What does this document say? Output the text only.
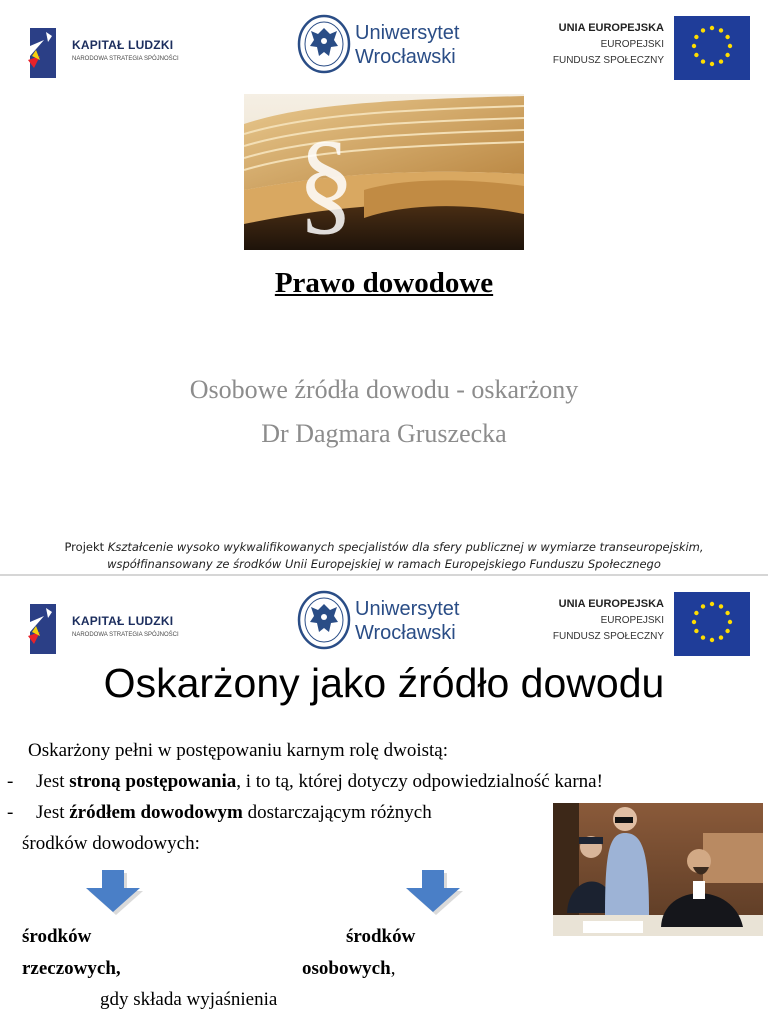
KAPITAŁ LUDZKI
NARODOWA STRATEGIA SPÓJNOŚCI
Uniwersytet
Wrocławski
UNIA EUROPEJSKA
EUROPEJSKI
FUNDUSZ SPOŁECZNY
§
Prawo dowodowe
Osobowe źródła dowodu - oskarżony
Dr Dagmara Gruszecka
Projekt Kształcenie wysoko wykwalifikowanych specjalistów dla sfery publicznej w wymiarze transeuropejskim,
współfinansowany ze środków Unii Europejskiej w ramach Europejskiego Funduszu Społecznego
KAPITAŁ LUDZKI
NARODOWA STRATEGIA SPÓJNOŚCI
Uniwersytet
Wrocławski
UNIA EUROPEJSKA
EUROPEJSKI
FUNDUSZ SPOŁECZNY
Oskarżony jako źródło dowodu
Oskarżony pełni w postępowaniu karnym rolę dwoistą:
- Jest stroną postępowania, i to tą, której dotyczy odpowiedzialność karna!
- Jest źródłem dowodowym dostarczającym różnych
środków dowodowych:
środków
rzeczowych,
gdy składa wyjaśnienia
środków
osobowych,
